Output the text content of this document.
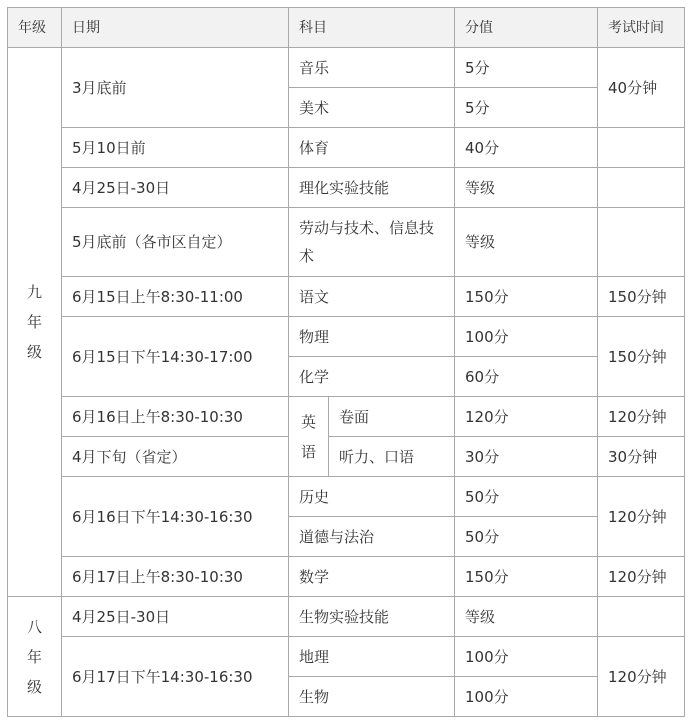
年级	日期	科目		分值	考试时间
九年级	3月底前	音乐		5分	40分钟
		美术		5分	
	5月10日前	体育		40分	
	4月25日-30日	理化实验技能		等级	
	5月底前（各市区自定）	劳动与技术、信息技术		等级	
	6月15日上午8:30-11:00	语文		150分	150分钟
	6月15日下午14:30-17:00	物理		100分	150分钟
		化学		60分	
	6月16日上午8:30-10:30	英语	卷面	120分	120分钟
	4月下旬（省定）		听力、口语	30分	30分钟
	6月16日下午14:30-16:30	历史		50分	120分钟
		道德与法治		50分	
	6月17日上午8:30-10:30	数学		150分	120分钟
八年级	4月25日-30日	生物实验技能		等级	
	6月17日下午14:30-16:30	地理		100分	120分钟
		生物		100分	
